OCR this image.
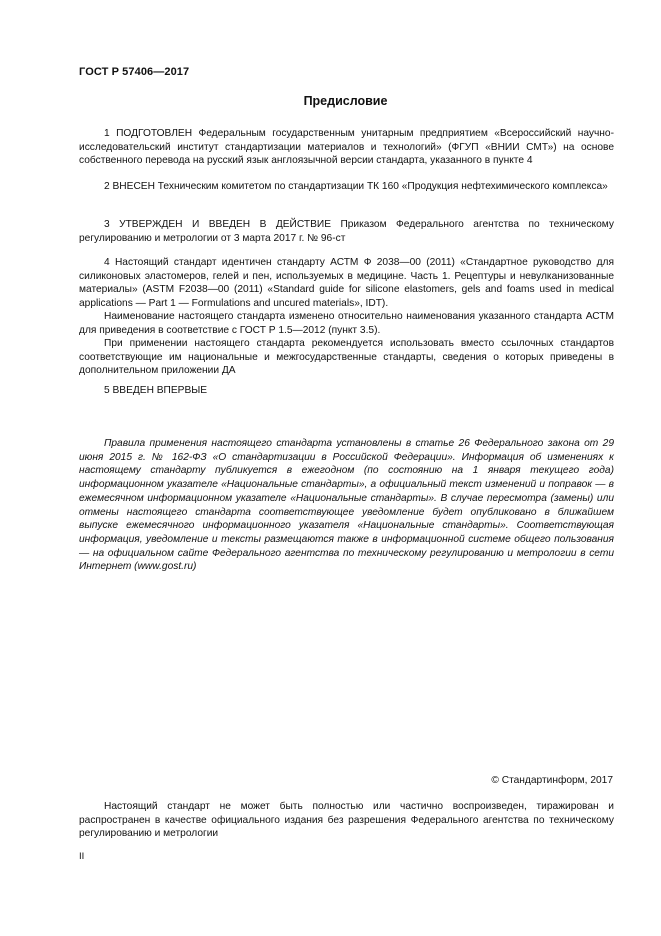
ГОСТ Р 57406—2017
Предисловие

1 ПОДГОТОВЛЕН Федеральным государственным унитарным предприятием «Всероссийский научно-исследовательский институт стандартизации материалов и технологий» (ФГУП «ВНИИ СМТ») на основе собственного перевода на русский язык англоязычной версии стандарта, указанного в пункте 4

2 ВНЕСЕН Техническим комитетом по стандартизации ТК 160 «Продукция нефтехимического комплекса»

3 УТВЕРЖДЕН И ВВЕДЕН В ДЕЙСТВИЕ Приказом Федерального агентства по техническому регулированию и метрологии от 3 марта 2017 г. № 96-ст

4 Настоящий стандарт идентичен стандарту АСТМ Ф 2038—00 (2011) «Стандартное руководство для силиконовых эластомеров, гелей и пен, используемых в медицине. Часть 1. Рецептуры и невулканизованные материалы» (ASTM F2038—00 (2011) «Standard guide for silicone elastomers, gels and foams used in medical applications — Part 1 — Formulations and uncured materials», IDT).

Наименование настоящего стандарта изменено относительно наименования указанного стандарта АСТМ для приведения в соответствие с ГОСТ Р 1.5—2012 (пункт 3.5).

При применении настоящего стандарта рекомендуется использовать вместо ссылочных стандартов соответствующие им национальные и межгосударственные стандарты, сведения о которых приведены в дополнительном приложении ДА

5 ВВЕДЕН ВПЕРВЫЕ

Правила применения настоящего стандарта установлены в статье 26 Федерального закона от 29 июня 2015 г. № 162-ФЗ «О стандартизации в Российской Федерации». Информация об изменениях к настоящему стандарту публикуется в ежегодном (по состоянию на 1 января текущего года) информационном указателе «Национальные стандарты», а официальный текст изменений и поправок — в ежемесячном информационном указателе «Национальные стандарты». В случае пересмотра (замены) или отмены настоящего стандарта соответствующее уведомление будет опубликовано в ближайшем выпуске ежемесячного информационного указателя «Национальные стандарты». Соответствующая информация, уведомление и тексты размещаются также в информационной системе общего пользования — на официальном сайте Федерального агентства по техническому регулированию и метрологии в сети Интернет (www.gost.ru)

© Стандартинформ, 2017

Настоящий стандарт не может быть полностью или частично воспроизведен, тиражирован и распространен в качестве официального издания без разрешения Федерального агентства по техническому регулированию и метрологии

II
